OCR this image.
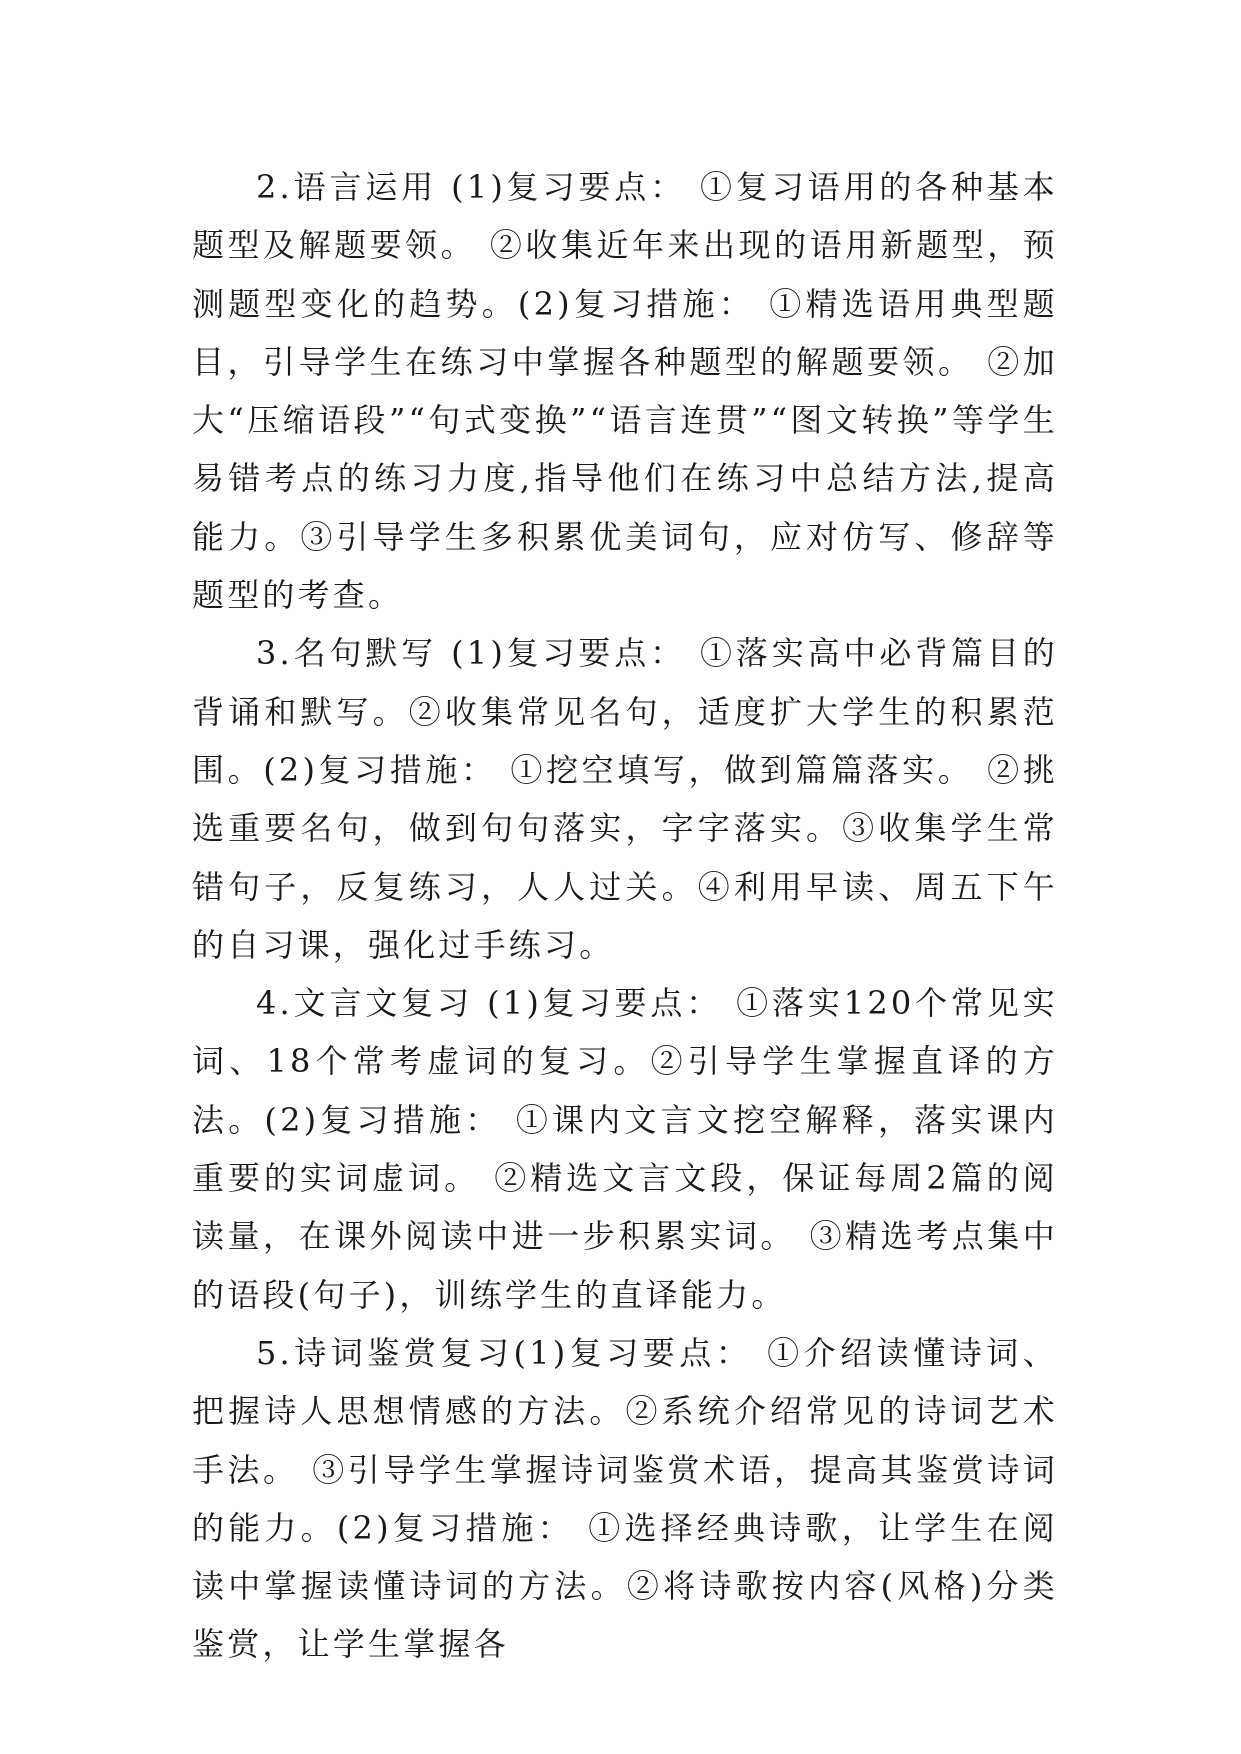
2.语言运用 (1)复习要点： ①复习语用的各种基本题型及解题要领。 ②收集近年来出现的语用新题型，预测题型变化的趋势。(2)复习措施： ①精选语用典型题目，引导学生在练习中掌握各种题型的解题要领。 ②加大“压缩语段”“句式变换”“语言连贯”“图文转换”等学生易错考点的练习力度,指导他们在练习中总结方法,提高能力。③引导学生多积累优美词句，应对仿写、修辞等题型的考查。

3.名句默写 (1)复习要点： ①落实高中必背篇目的背诵和默写。②收集常见名句，适度扩大学生的积累范围。(2)复习措施： ①挖空填写，做到篇篇落实。 ②挑选重要名句，做到句句落实，字字落实。③收集学生常错句子，反复练习，人人过关。④利用早读、周五下午的自习课，强化过手练习。

4.文言文复习 (1)复习要点： ①落实120个常见实词、18个常考虚词的复习。②引导学生掌握直译的方法。(2)复习措施： ①课内文言文挖空解释，落实课内重要的实词虚词。 ②精选文言文段，保证每周2篇的阅读量，在课外阅读中进一步积累实词。 ③精选考点集中的语段(句子)，训练学生的直译能力。

5.诗词鉴赏复习(1)复习要点： ①介绍读懂诗词、把握诗人思想情感的方法。②系统介绍常见的诗词艺术手法。 ③引导学生掌握诗词鉴赏术语，提高其鉴赏诗词的能力。(2)复习措施： ①选择经典诗歌，让学生在阅读中掌握读懂诗词的方法。②将诗歌按内容(风格)分类鉴赏，让学生掌握各
